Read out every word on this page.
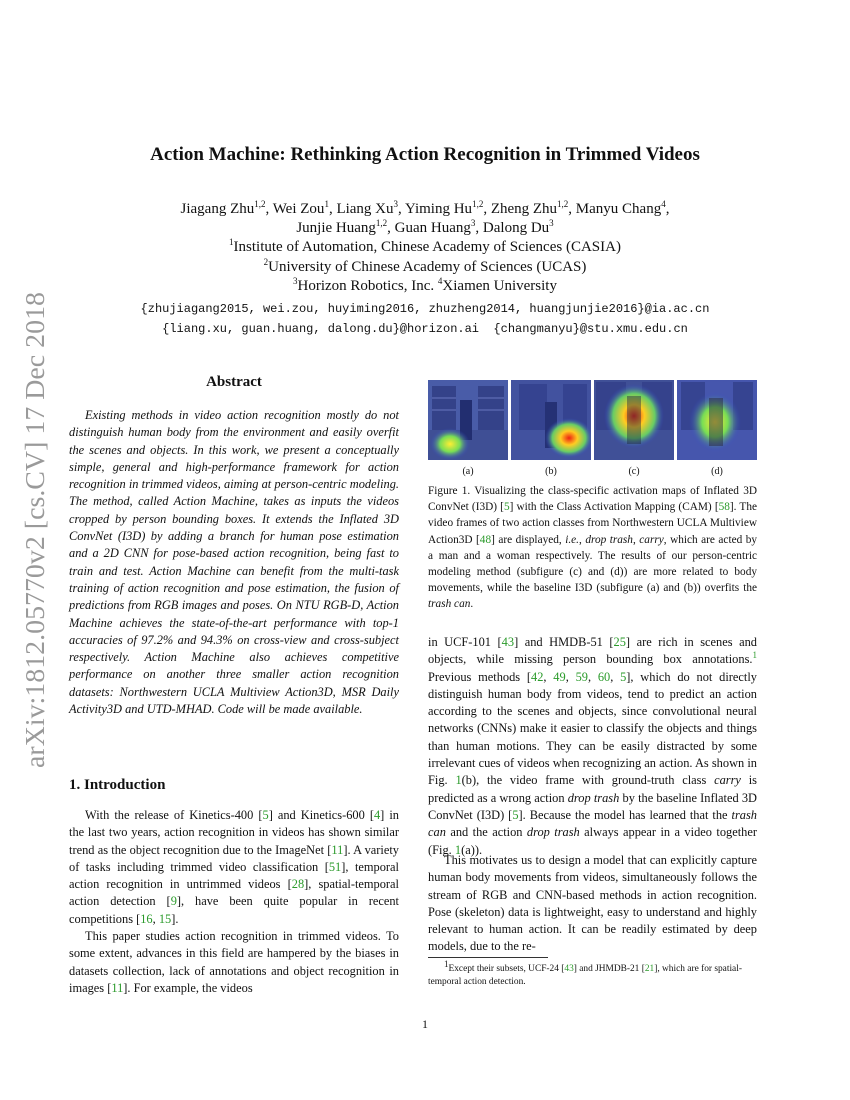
arXiv:1812.05770v2 [cs.CV] 17 Dec 2018
Action Machine: Rethinking Action Recognition in Trimmed Videos
Jiagang Zhu$^{1,2}$, Wei Zou$^1$, Liang Xu$^3$, Yiming Hu$^{1,2}$, Zheng Zhu$^{1,2}$, Manyu Chang$^4$,
Junjie Huang$^{1,2}$, Guan Huang$^3$, Dalong Du$^3$
$^1$Institute of Automation, Chinese Academy of Sciences (CASIA)
$^2$University of Chinese Academy of Sciences (UCAS)
$^3$Horizon Robotics, Inc. $^4$Xiamen University
{zhujiagang2015, wei.zou, huyiming2016, zhuzheng2014, huangjunjie2016}@ia.ac.cn
{liang.xu, guan.huang, dalong.du}@horizon.ai  {changmanyu}@stu.xmu.edu.cn
Abstract
Existing methods in video action recognition mostly do not distinguish human body from the environment and easily overfit the scenes and objects. In this work, we present a conceptually simple, general and high-performance framework for action recognition in trimmed videos, aiming at person-centric modeling. The method, called Action Machine, takes as inputs the videos cropped by person bounding boxes. It extends the Inflated 3D ConvNet (I3D) by adding a branch for human pose estimation and a 2D CNN for pose-based action recognition, being fast to train and test. Action Machine can benefit from the multi-task training of action recognition and pose estimation, the fusion of predictions from RGB images and poses. On NTU RGB-D, Action Machine achieves the state-of-the-art performance with top-1 accuracies of 97.2% and 94.3% on cross-view and cross-subject respectively. Action Machine also achieves competitive performance on another three smaller action recognition datasets: Northwestern UCLA Multiview Action3D, MSR Daily Activity3D and UTD-MHAD. Code will be made available.
1. Introduction
With the release of Kinetics-400 [5] and Kinetics-600 [4] in the last two years, action recognition in videos has shown similar trend as the object recognition due to the ImageNet [11]. A variety of tasks including trimmed video classification [51], temporal action recognition in untrimmed videos [28], spatial-temporal action detection [9], have been quite popular in recent competitions [16, 15].
This paper studies action recognition in trimmed videos. To some extent, advances in this field are hampered by the biases in datasets collection, lack of annotations and object recognition in images [11]. For example, the videos
(a)	(b)	(c)	(d)
Figure 1. Visualizing the class-specific activation maps of Inflated 3D ConvNet (I3D) [5] with the Class Activation Mapping (CAM) [58]. The video frames of two action classes from Northwestern UCLA Multiview Action3D [48] are displayed, i.e., drop trash, carry, which are acted by a man and a woman respectively. The results of our person-centric modeling method (subfigure (c) and (d)) are more related to body movements, while the baseline I3D (subfigure (a) and (b)) overfits the trash can.
in UCF-101 [43] and HMDB-51 [25] are rich in scenes and objects, while missing person bounding box annotations.$^1$ Previous methods [42, 49, 59, 60, 5], which do not directly distinguish human body from videos, tend to predict an action according to the scenes and objects, since convolutional neural networks (CNNs) make it easier to classify the objects and things than human motions. They can be easily distracted by some irrelevant cues of videos when recognizing an action. As shown in Fig. 1(b), the video frame with ground-truth class carry is predicted as a wrong action drop trash by the baseline Inflated 3D ConvNet (I3D) [5]. Because the model has learned that the trash can and the action drop trash always appear in a video together (Fig. 1(a)).
This motivates us to design a model that can explicitly capture human body movements from videos, simultaneously follows the stream of RGB and CNN-based methods in action recognition. Pose (skeleton) data is lightweight, easy to understand and highly relevant to human action. It can be readily estimated by deep models, due to the re-
$^1$Except their subsets, UCF-24 [43] and JHMDB-21 [21], which are for spatial-temporal action detection.
1
